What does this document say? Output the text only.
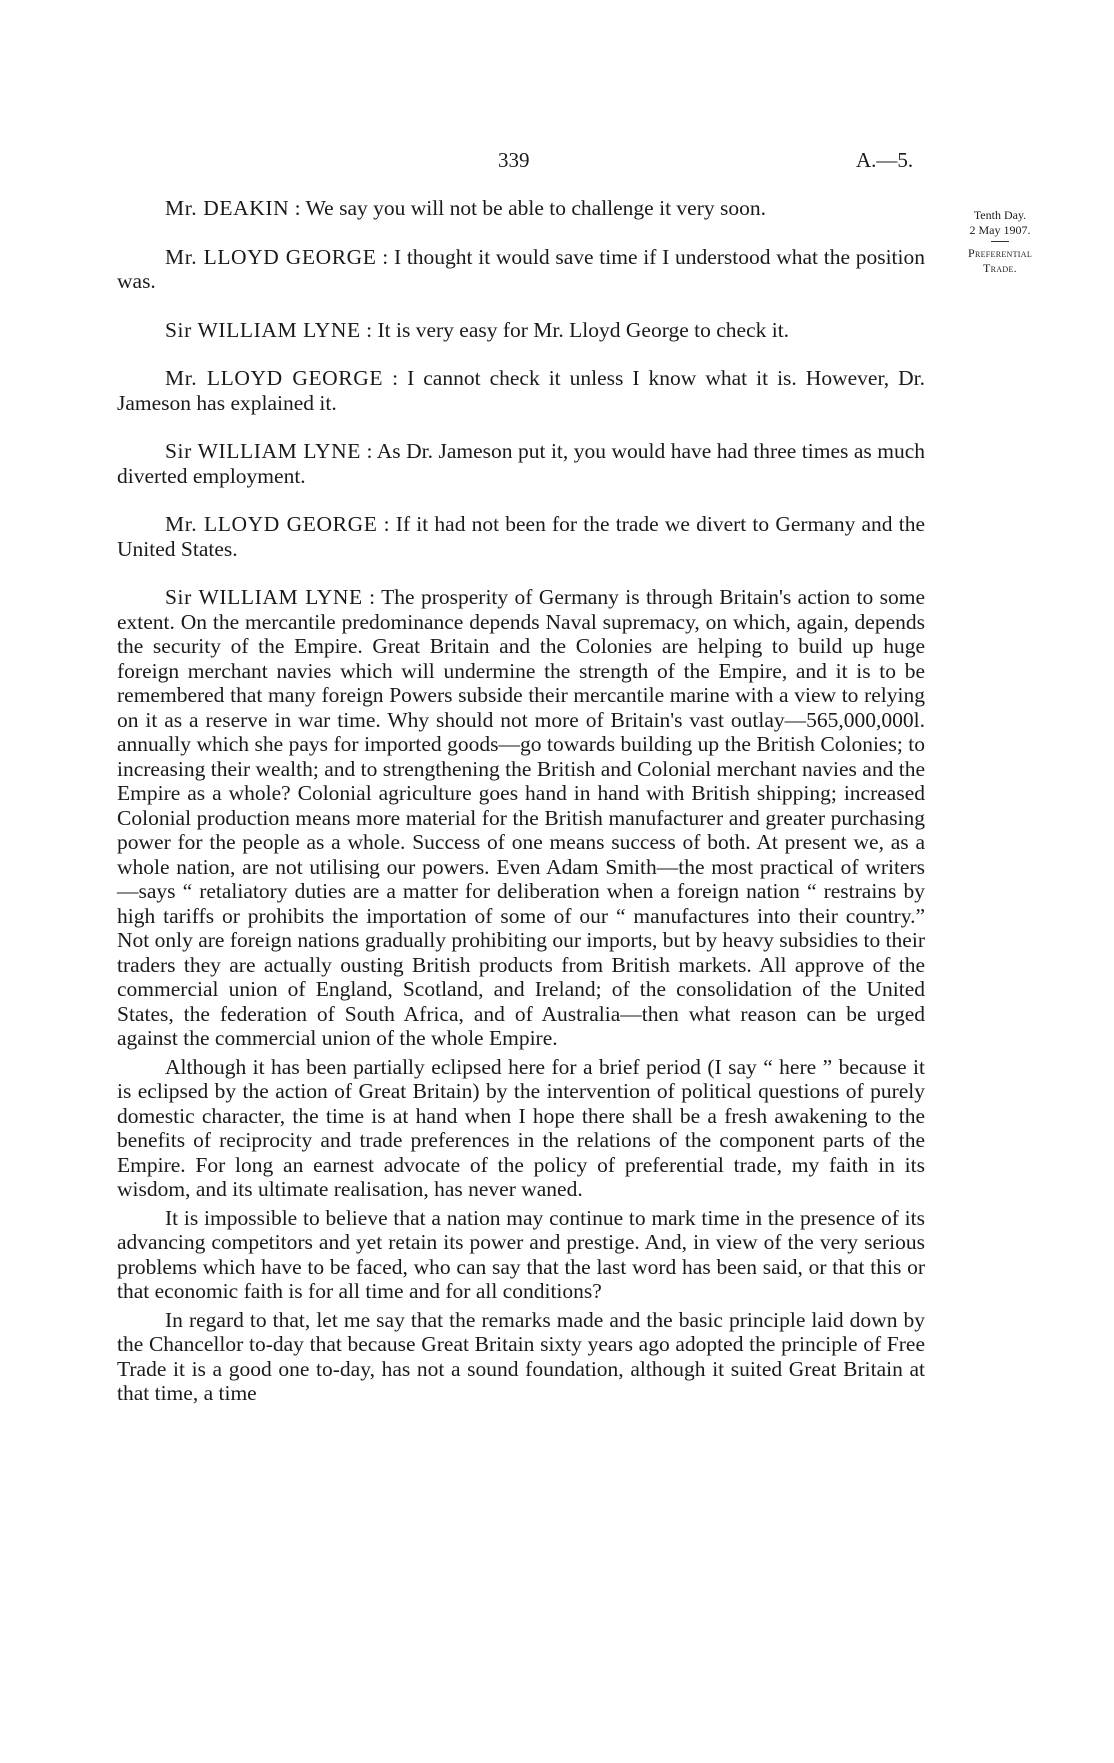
339	A.—5.
Tenth Day.
2 May 1907.
Preferential
Trade.

Mr. DEAKIN : We say you will not be able to challenge it very soon.

Mr. LLOYD GEORGE : I thought it would save time if I understood what the position was.

Sir WILLIAM LYNE : It is very easy for Mr. Lloyd George to check it.

Mr. LLOYD GEORGE : I cannot check it unless I know what it is. However, Dr. Jameson has explained it.

Sir WILLIAM LYNE : As Dr. Jameson put it, you would have had three times as much diverted employment.

Mr. LLOYD GEORGE : If it had not been for the trade we divert to Germany and the United States.

Sir WILLIAM LYNE : The prosperity of Germany is through Britain's action to some extent. On the mercantile predominance depends Naval supremacy, on which, again, depends the security of the Empire. Great Britain and the Colonies are helping to build up huge foreign merchant navies which will undermine the strength of the Empire, and it is to be remembered that many foreign Powers subside their mercantile marine with a view to relying on it as a reserve in war time. Why should not more of Britain's vast outlay—565,000,000l. annually which she pays for imported goods—go towards building up the British Colonies; to increasing their wealth; and to strengthening the British and Colonial merchant navies and the Empire as a whole? Colonial agriculture goes hand in hand with British shipping; increased Colonial production means more material for the British manufacturer and greater purchasing power for the people as a whole. Success of one means success of both. At present we, as a whole nation, are not utilising our powers. Even Adam Smith—the most practical of writers —says “ retaliatory duties are a matter for deliberation when a foreign nation “ restrains by high tariffs or prohibits the importation of some of our “ manufactures into their country.” Not only are foreign nations gradually prohibiting our imports, but by heavy subsidies to their traders they are actually ousting British products from British markets. All approve of the commercial union of England, Scotland, and Ireland; of the consolidation of the United States, the federation of South Africa, and of Australia—then what reason can be urged against the commercial union of the whole Empire.

Although it has been partially eclipsed here for a brief period (I say “ here ” because it is eclipsed by the action of Great Britain) by the intervention of political questions of purely domestic character, the time is at hand when I hope there shall be a fresh awakening to the benefits of reciprocity and trade preferences in the relations of the component parts of the Empire. For long an earnest advocate of the policy of preferential trade, my faith in its wisdom, and its ultimate realisation, has never waned.

It is impossible to believe that a nation may continue to mark time in the presence of its advancing competitors and yet retain its power and prestige. And, in view of the very serious problems which have to be faced, who can say that the last word has been said, or that this or that economic faith is for all time and for all conditions?

In regard to that, let me say that the remarks made and the basic principle laid down by the Chancellor to-day that because Great Britain sixty years ago adopted the principle of Free Trade it is a good one to-day, has not a sound foundation, although it suited Great Britain at that time, a time
